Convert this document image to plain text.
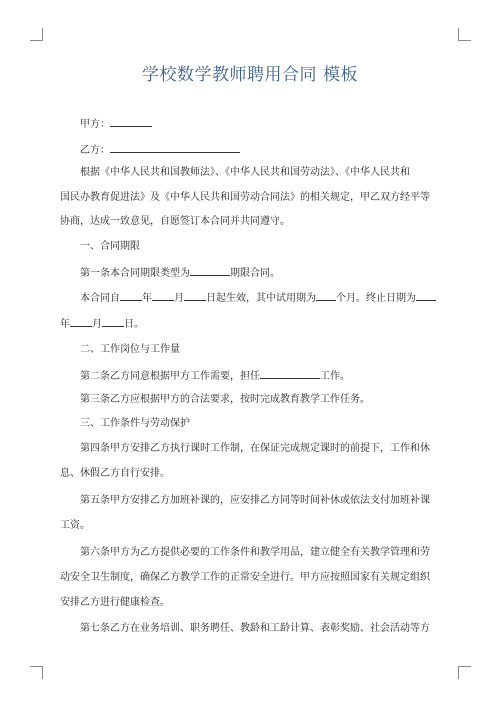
学校数学教师聘用合同 模板
甲方：
乙方：
根据《中华人民共和国教师法》、《中华人民共和国劳动法》、《中华人民共和
国民办教育促进法》及《中华人民共和国劳动合同法》的相关规定，甲乙双方经平等
协商，达成一致意见，自愿签订本合同并共同遵守。
一、合同期限
第一条本合同期限类型为	期限合同。
本合同自 年 月 日起生效，其中试用期为 个月。终止日期为
年 月 日。
二、工作岗位与工作量
第二条乙方同意根据甲方工作需要，担任	工作。
第三条乙方应根据甲方的合法要求，按时完成教育教学工作任务。
三、工作条件与劳动保护
第四条甲方安排乙方执行课时工作制，在保证完成规定课时的前提下，工作和休
息、休假乙方自行安排。
第五条甲方安排乙方加班补课的，应安排乙方同等时间补休或依法支付加班补课
工资。
第六条甲方为乙方提供必要的工作条件和教学用品，建立健全有关教学管理和劳
动安全卫生制度，确保乙方教学工作的正常安全进行。甲方应按照国家有关规定组织
安排乙方进行健康检查。
第七条乙方在业务培训、职务聘任、教龄和工龄计算、表彰奖励、社会活动等方
